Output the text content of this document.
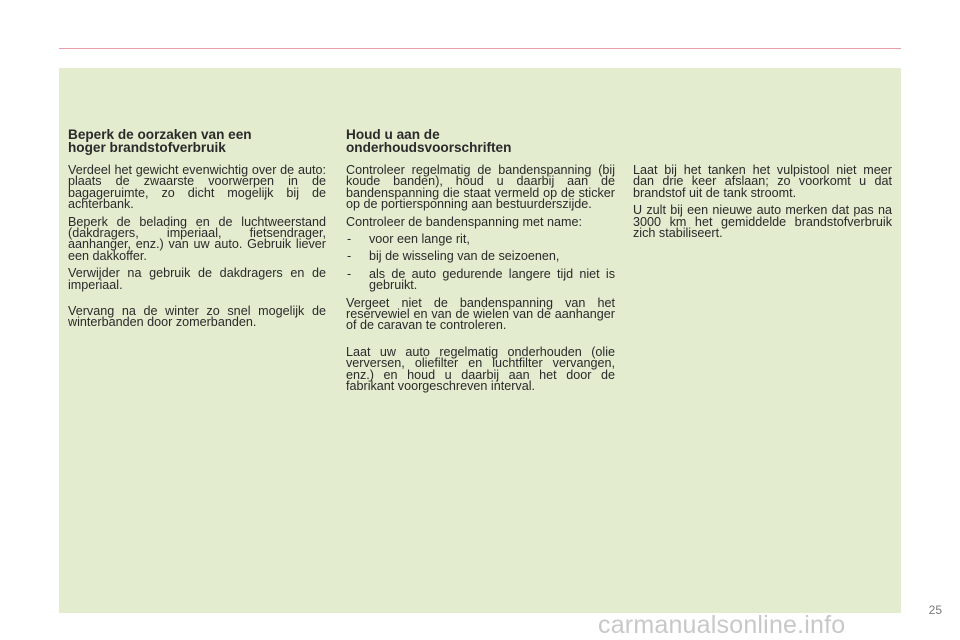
Beperk de oorzaken van een
hoger brandstofverbruik

Verdeel het gewicht evenwichtig over de auto: plaats de zwaarste voorwerpen in de bagageruimte, zo dicht mogelijk bij de achterbank.

Beperk de belading en de luchtweerstand (dakdragers, imperiaal, fietsendrager, aanhanger, enz.) van uw auto. Gebruik liever een dakkoffer.

Verwijder na gebruik de dakdragers en de imperiaal.

Vervang na de winter zo snel mogelijk de winterbanden door zomerbanden.

Houd u aan de
onderhoudsvoorschriften

Controleer regelmatig de bandenspanning (bij koude banden), houd u daarbij aan de bandenspanning die staat vermeld op de sticker op de portiersponning aan bestuurderszijde.

Controleer de bandenspanning met name:

- voor een lange rit,
- bij de wisseling van de seizoenen,
- als de auto gedurende langere tijd niet is gebruikt.

Vergeet niet de bandenspanning van het reservewiel en van de wielen van de aanhanger of de caravan te controleren.

Laat uw auto regelmatig onderhouden (olie verversen, oliefilter en luchtfilter vervangen, enz.) en houd u daarbij aan het door de fabrikant voorgeschreven interval.

Laat bij het tanken het vulpistool niet meer dan drie keer afslaan; zo voorkomt u dat brandstof uit de tank stroomt.

U zult bij een nieuwe auto merken dat pas na 3000 km het gemiddelde brandstofverbruik zich stabiliseert.

25
carmanualsonline.info
